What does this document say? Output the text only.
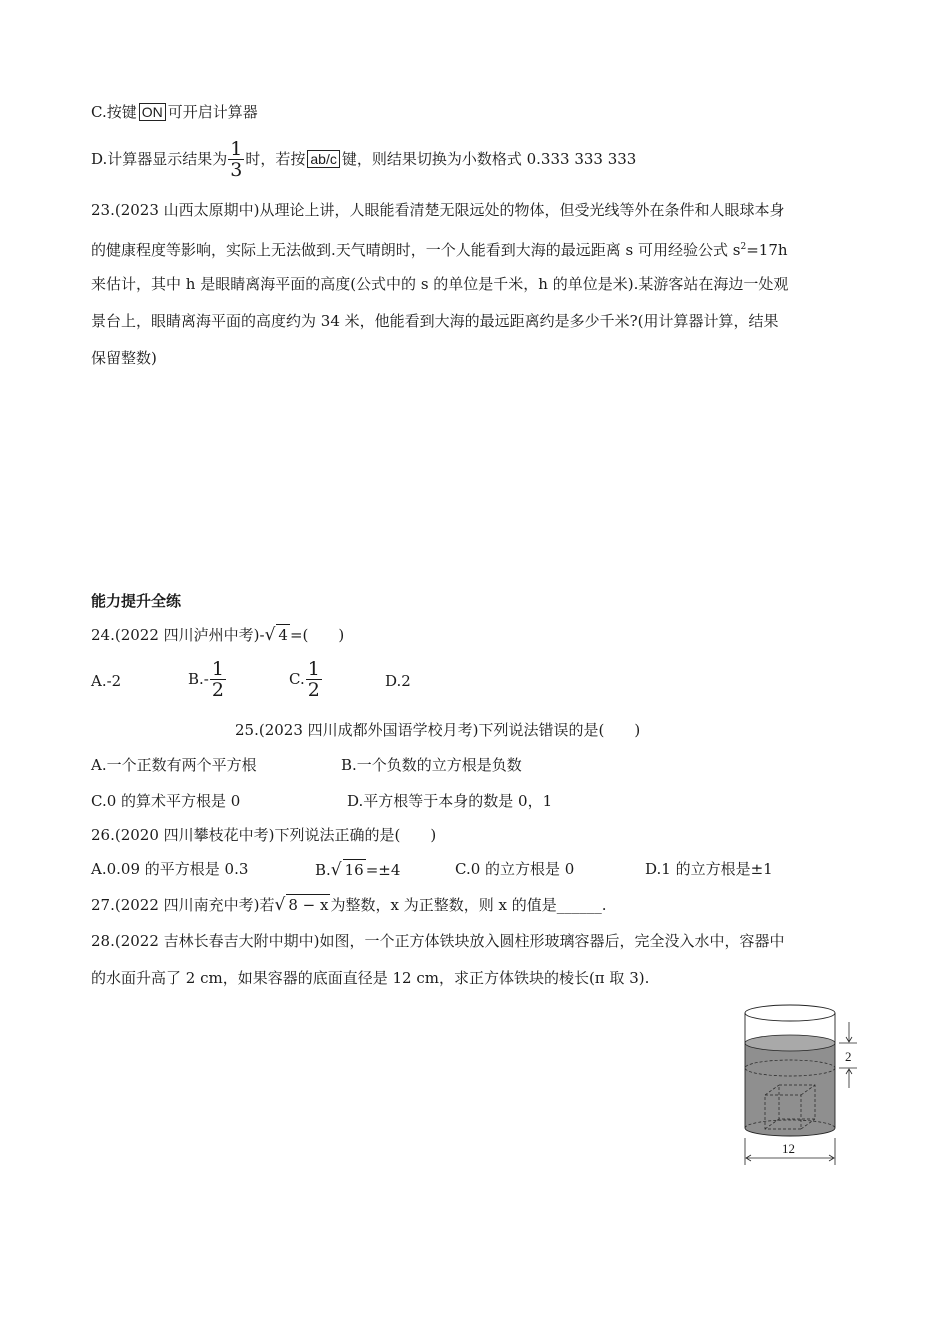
C.按键 ON 可开启计算器
D.计算器显示结果为 $\frac{1}{3}$ 时，若按 ab/c 键，则结果切换为小数格式 0.333 333 333
23.(2023 山西太原期中)从理论上讲，人眼能看清楚无限远处的物体，但受光线等外在条件和人眼球本身
的健康程度等影响，实际上无法做到.天气晴朗时，一个人能看到大海的最远距离 s 可用经验公式 $s^2=17h$
来估计，其中 h 是眼睛离海平面的高度(公式中的 s 的单位是千米，h 的单位是米).某游客站在海边一处观
景台上，眼睛离海平面的高度约为 34 米，他能看到大海的最远距离约是多少千米?(用计算器计算，结果
保留整数)
能力提升全练
24.(2022 四川泸州中考)-√ 4 =(　　)
A.-2	$B.- \frac{1}{2}$	C. $\frac{1}{2}$	D.2
25.(2023 四川成都外国语学校月考)下列说法错误的是(　　)
A.一个正数有两个平方根	B.一个负数的立方根是负数
C.0 的算术平方根是 0	D.平方根等于本身的数是 0，1
26.(2020 四川攀枝花中考)下列说法正确的是(　　)
A.0.09 的平方根是 0.3	B.√ 16 =±4	C.0 的立方根是 0	D.1 的立方根是±1
27.(2022 四川南充中考)若√ 8 − x 为整数，x 为正整数，则 x 的值是______.
28.(2022 吉林长春吉大附中期中)如图，一个正方体铁块放入圆柱形玻璃容器后，完全没入水中，容器中
的水面升高了 2 cm，如果容器的底面直径是 12 cm，求正方体铁块的棱长(π 取 3).
2
12
